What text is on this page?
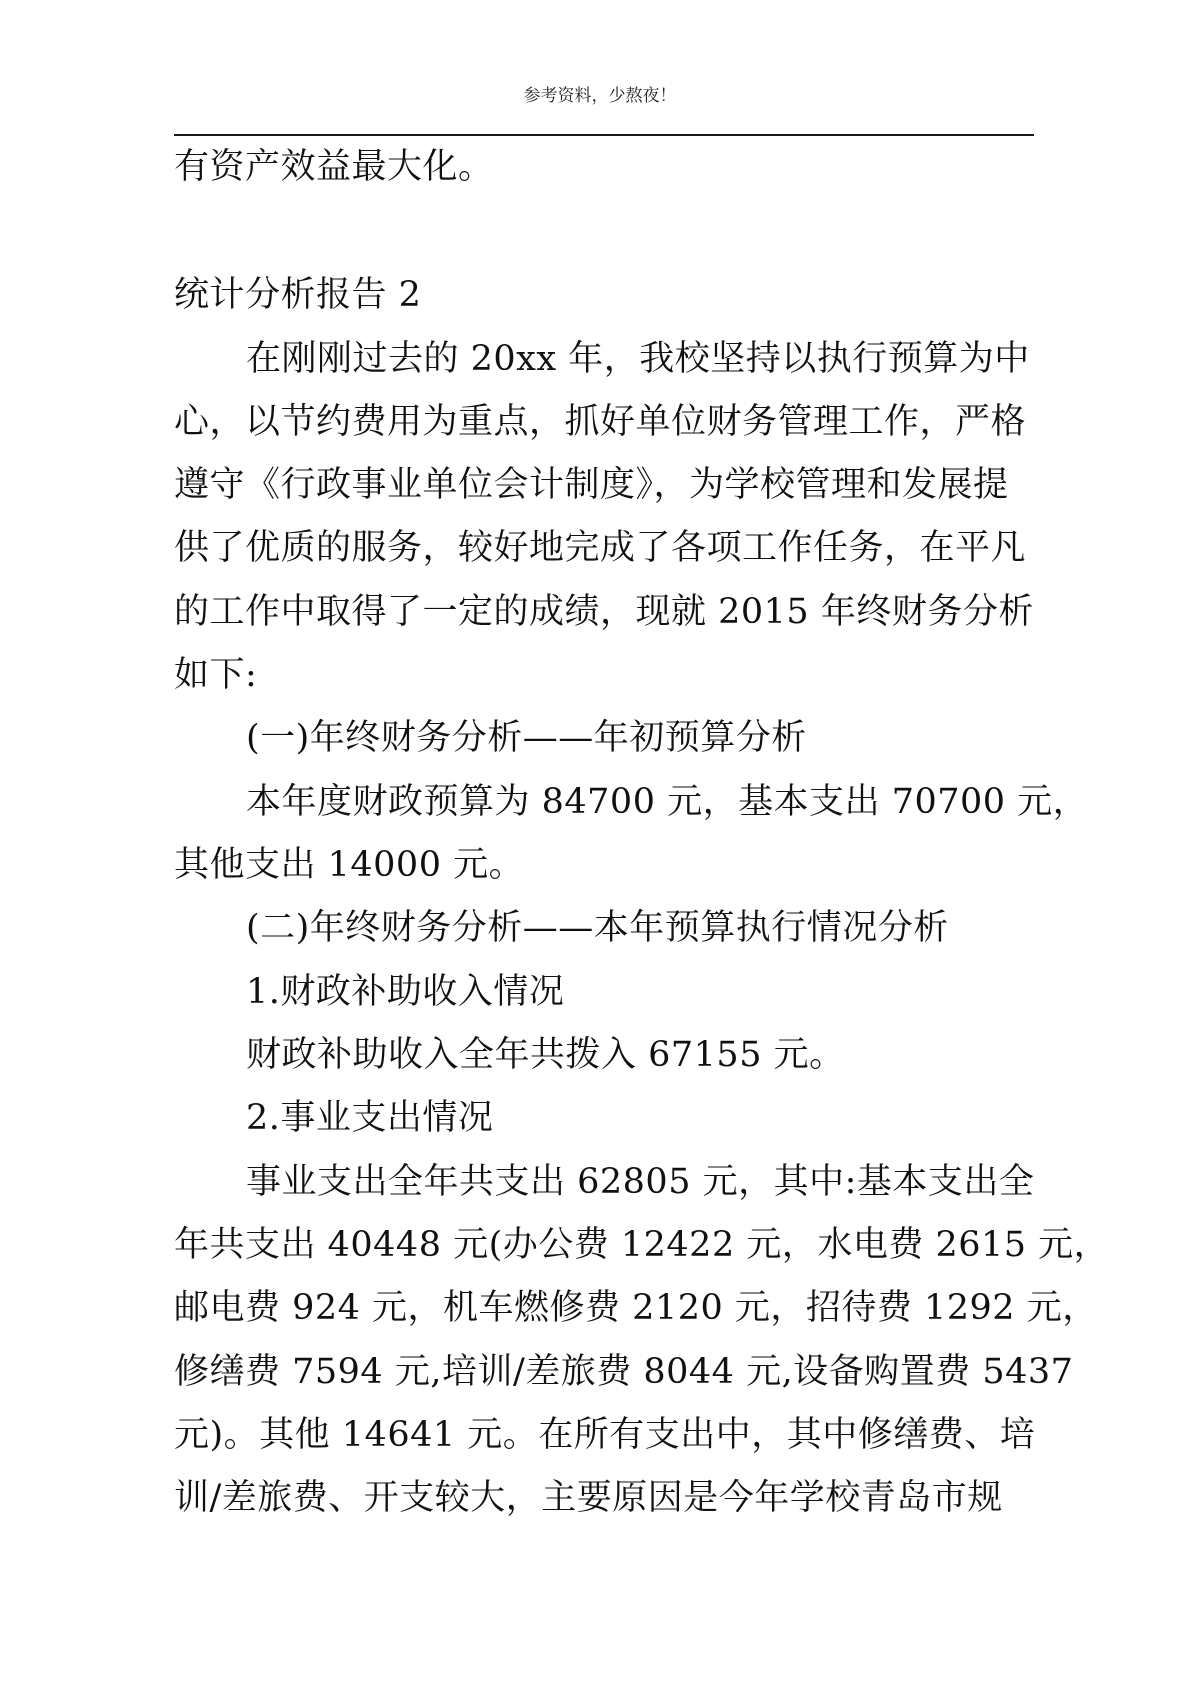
参考资料，少熬夜！
有资产效益最大化。
统计分析报告 2
在刚刚过去的 20xx 年，我校坚持以执行预算为中
心，以节约费用为重点，抓好单位财务管理工作，严格
遵守《行政事业单位会计制度》，为学校管理和发展提
供了优质的服务，较好地完成了各项工作任务，在平凡
的工作中取得了一定的成绩，现就 2015 年终财务分析
如下:
(一)年终财务分析——年初预算分析
本年度财政预算为 84700 元，基本支出 70700 元，
其他支出 14000 元。
(二)年终财务分析——本年预算执行情况分析
1.财政补助收入情况
财政补助收入全年共拨入 67155 元。
2.事业支出情况
事业支出全年共支出 62805 元，其中:基本支出全
年共支出 40448 元(办公费 12422 元，水电费 2615 元，
邮电费 924 元，机车燃修费 2120 元，招待费 1292 元，
修缮费 7594 元,培训/差旅费 8044 元,设备购置费 5437
元)。其他 14641 元。在所有支出中，其中修缮费、培
训/差旅费、开支较大，主要原因是今年学校青岛市规
